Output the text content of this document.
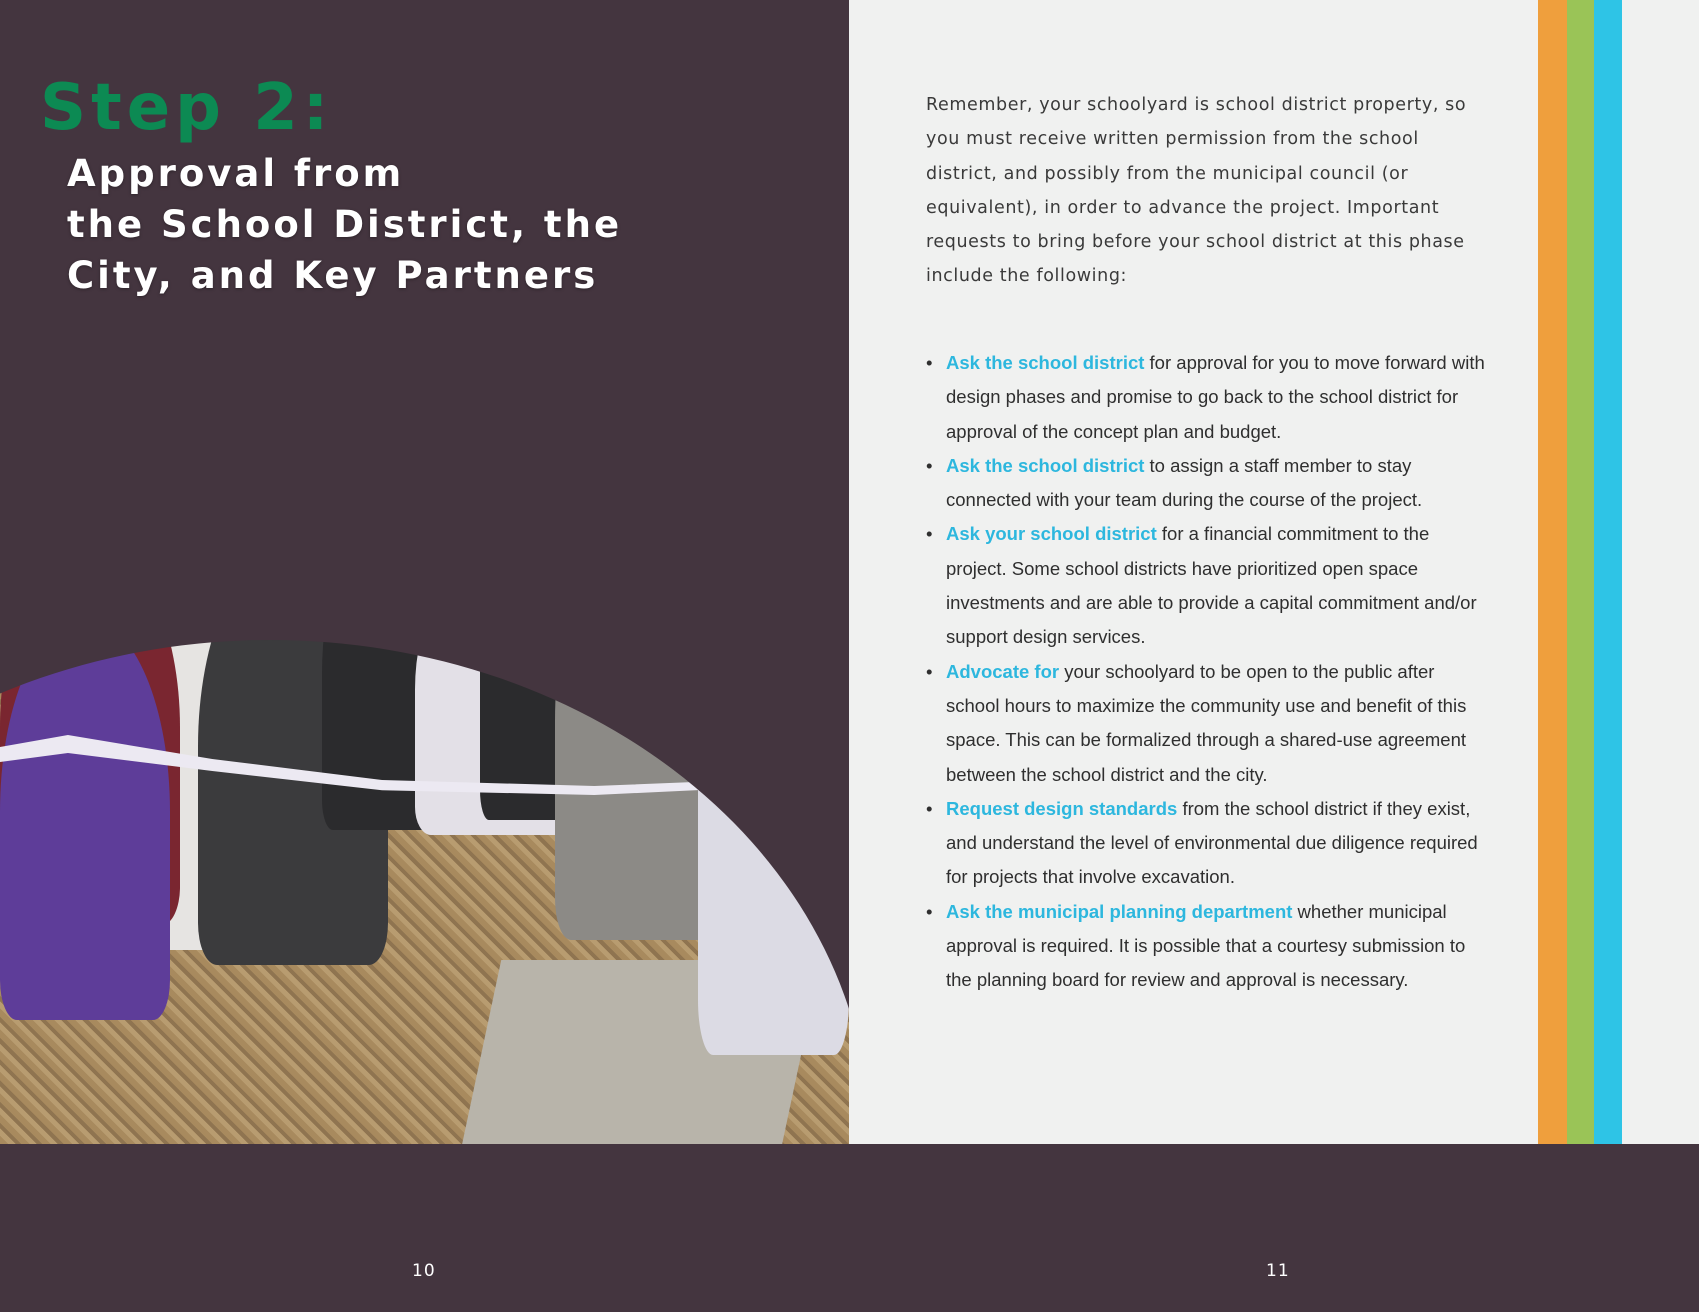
Step 2:
Approval from
the School District, the
City, and Key Partners

Remember, your schoolyard is school district property, so you must receive written permission from the school district, and possibly from the municipal council (or equivalent), in order to advance the project. Important requests to bring before your school district at this phase include the following:

• Ask the school district for approval for you to move forward with design phases and promise to go back to the school district for approval of the concept plan and budget.
• Ask the school district to assign a staff member to stay connected with your team during the course of the project.
• Ask your school district for a financial commitment to the project. Some school districts have prioritized open space investments and are able to provide a capital commitment and/or support design services.
• Advocate for your schoolyard to be open to the public after school hours to maximize the community use and benefit of this space. This can be formalized through a shared-use agreement between the school district and the city.
• Request design standards from the school district if they exist, and understand the level of environmental due diligence required for projects that involve excavation.
• Ask the municipal planning department whether municipal approval is required. It is possible that a courtesy submission to the planning board for review and approval is necessary.
10	11
